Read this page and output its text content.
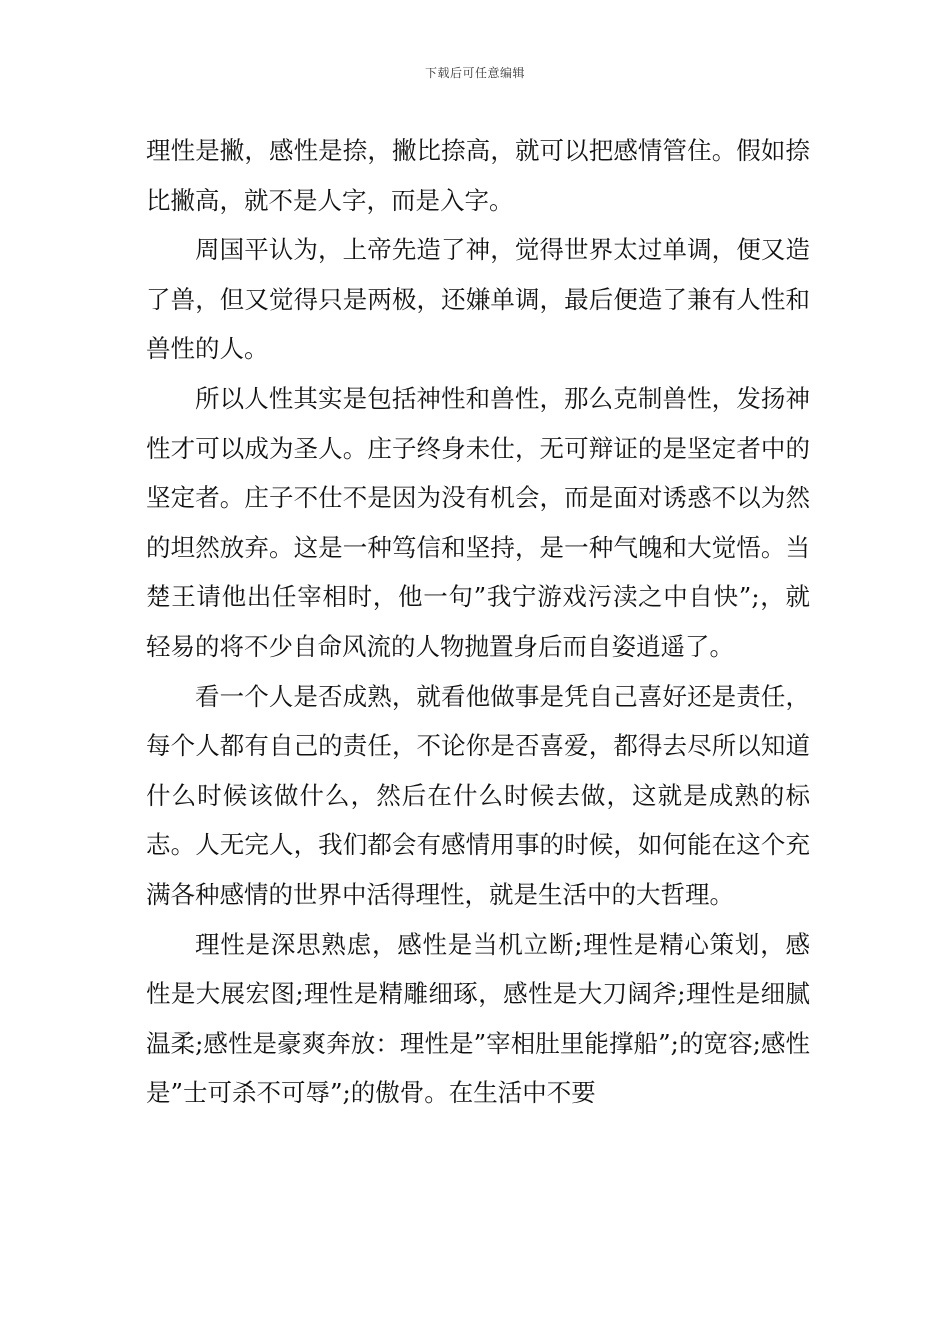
下载后可任意编辑

理性是撇，感性是捺，撇比捺高，就可以把感情管住。假如捺比撇高，就不是人字，而是入字。

周国平认为，上帝先造了神，觉得世界太过单调，便又造了兽，但又觉得只是两极，还嫌单调，最后便造了兼有人性和兽性的人。

所以人性其实是包括神性和兽性，那么克制兽性，发扬神性才可以成为圣人。庄子终身未仕，无可辩证的是坚定者中的坚定者。庄子不仕不是因为没有机会，而是面对诱惑不以为然的坦然放弃。这是一种笃信和坚持，是一种气魄和大觉悟。当楚王请他出任宰相时，他一句”我宁游戏污渎之中自快”;，就轻易的将不少自命风流的人物抛置身后而自姿逍遥了。

看一个人是否成熟，就看他做事是凭自己喜好还是责任，每个人都有自己的责任，不论你是否喜爱，都得去尽所以知道什么时候该做什么，然后在什么时候去做，这就是成熟的标志。人无完人，我们都会有感情用事的时候，如何能在这个充满各种感情的世界中活得理性，就是生活中的大哲理。

理性是深思熟虑，感性是当机立断;理性是精心策划，感性是大展宏图;理性是精雕细琢，感性是大刀阔斧;理性是细腻温柔;感性是豪爽奔放：理性是”宰相肚里能撑船”;的宽容;感性是”士可杀不可辱”;的傲骨。在生活中不要
